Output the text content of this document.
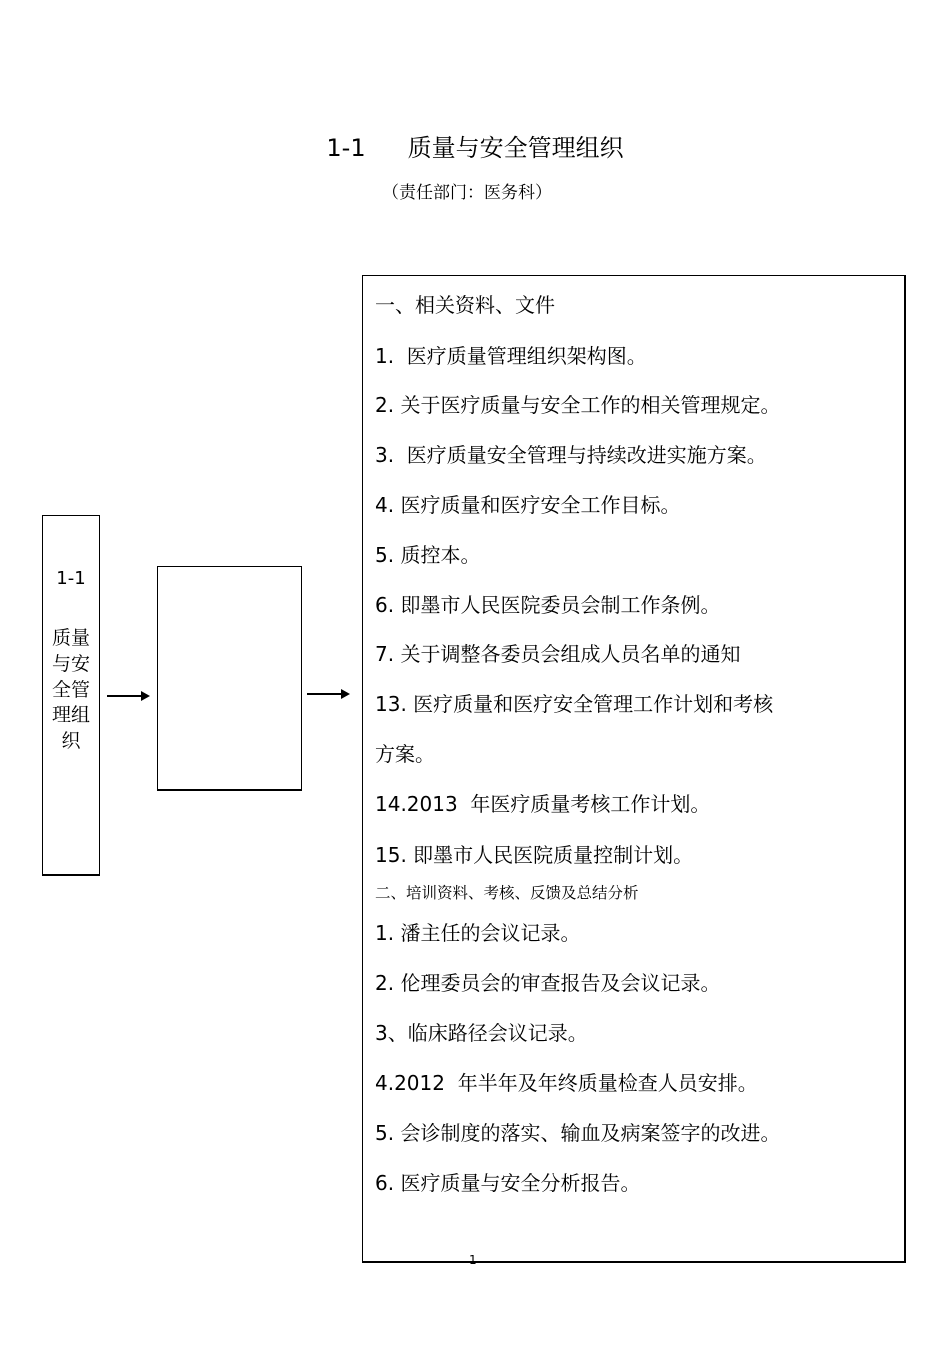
1-1 质量与安全管理组织
（责任部门：医务科）
1-1
质量与安全管理组织
一、相关资料、文件
1.  医疗质量管理组织架构图。
2. 关于医疗质量与安全工作的相关管理规定。
3.  医疗质量安全管理与持续改进实施方案。
4. 医疗质量和医疗安全工作目标。
5. 质控本。
6. 即墨市人民医院委员会制工作条例。
7. 关于调整各委员会组成人员名单的通知
13. 医疗质量和医疗安全管理工作计划和考核
方案。
14.2013  年医疗质量考核工作计划。
15. 即墨市人民医院质量控制计划。
二、培训资料、考核、反馈及总结分析
1. 潘主任的会议记录。
2. 伦理委员会的审查报告及会议记录。
3、临床路径会议记录。
4.2012  年半年及年终质量检查人员安排。
5. 会诊制度的落实、输血及病案签字的改进。
6. 医疗质量与安全分析报告。
1
